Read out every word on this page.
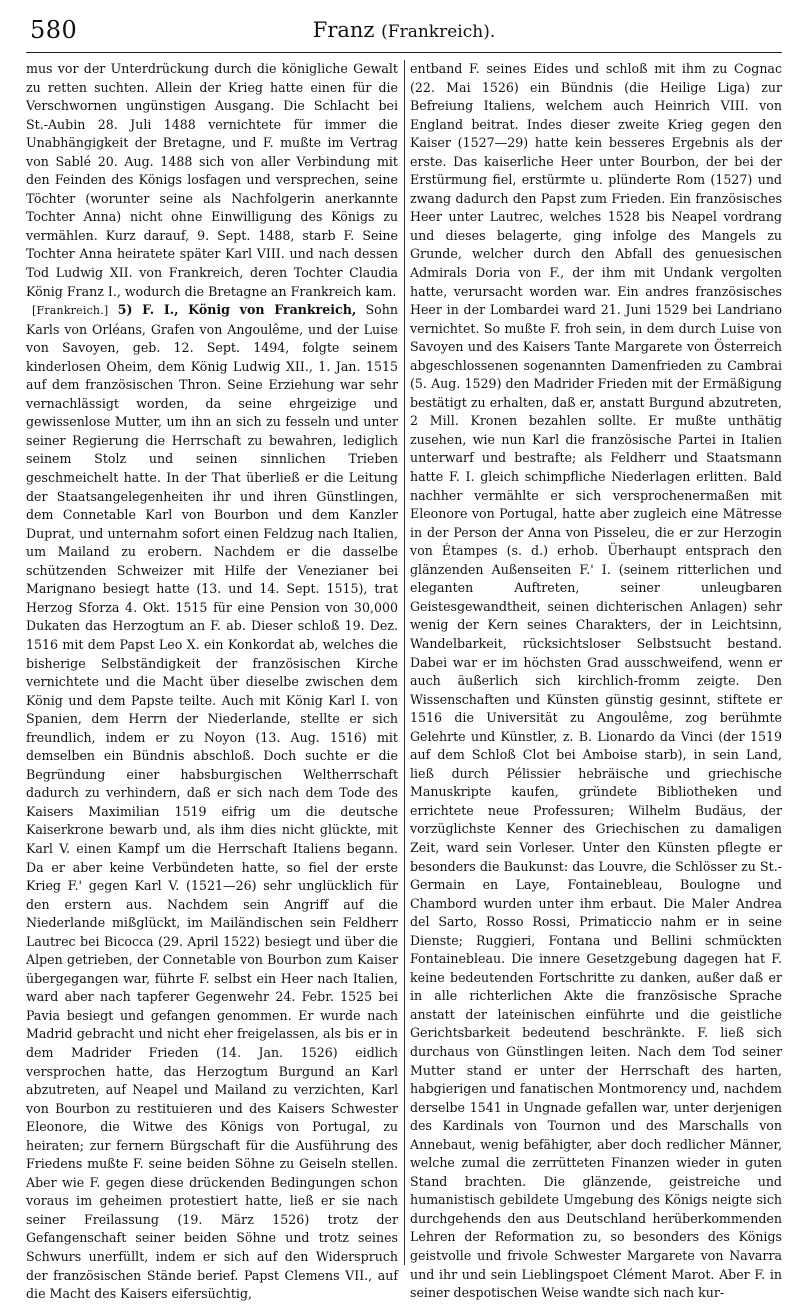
580	Franz (Frankreich).

mus vor der Unterdrückung durch die königliche Gewalt zu retten suchten. Allein der Krieg hatte einen für die Verschwornen ungünstigen Ausgang. Die Schlacht bei St.-Aubin 28. Juli 1488 vernichtete für immer die Unabhängigkeit der Bretagne, und F. mußte im Vertrag von Sablé 20. Aug. 1488 sich von aller Verbindung mit den Feinden des Königs losfagen und versprechen, seine Töchter (worunter seine als Nachfolgerin anerkannte Tochter Anna) nicht ohne Einwilligung des Königs zu vermählen. Kurz darauf, 9. Sept. 1488, starb F. Seine Tochter Anna heiratete später Karl VIII. und nach dessen Tod Ludwig XII. von Frankreich, deren Tochter Claudia König Franz I., wodurch die Bretagne an Frankreich kam.

[Frankreich.] 5) F. I., König von Frankreich, Sohn Karls von Orléans, Grafen von Angoulême, und der Luise von Savoyen, geb. 12. Sept. 1494, folgte seinem kinderlosen Oheim, dem König Ludwig XII., 1. Jan. 1515 auf dem französischen Thron. Seine Erziehung war sehr vernachlässigt worden, da seine ehrgeizige und gewissenlose Mutter, um ihn an sich zu fesseln und unter seiner Regierung die Herrschaft zu bewahren, lediglich seinem Stolz und seinen sinnlichen Trieben geschmeichelt hatte. In der That überließ er die Leitung der Staatsangelegenheiten ihr und ihren Günstlingen, dem Connetable Karl von Bourbon und dem Kanzler Duprat, und unternahm sofort einen Feldzug nach Italien, um Mailand zu erobern. Nachdem er die dasselbe schützenden Schweizer mit Hilfe der Venezianer bei Marignano besiegt hatte (13. und 14. Sept. 1515), trat Herzog Sforza 4. Okt. 1515 für eine Pension von 30,000 Dukaten das Herzogtum an F. ab. Dieser schloß 19. Dez. 1516 mit dem Papst Leo X. ein Konkordat ab, welches die bisherige Selbständigkeit der französischen Kirche vernichtete und die Macht über dieselbe zwischen dem König und dem Papste teilte. Auch mit König Karl I. von Spanien, dem Herrn der Niederlande, stellte er sich freundlich, indem er zu Noyon (13. Aug. 1516) mit demselben ein Bündnis abschloß. Doch suchte er die Begründung einer habsburgischen Weltherrschaft dadurch zu verhindern, daß er sich nach dem Tode des Kaisers Maximilian 1519 eifrig um die deutsche Kaiserkrone bewarb und, als ihm dies nicht glückte, mit Karl V. einen Kampf um die Herrschaft Italiens begann. Da er aber keine Verbündeten hatte, so fiel der erste Krieg F.' gegen Karl V. (1521—26) sehr unglücklich für den erstern aus. Nachdem sein Angriff auf die Niederlande mißglückt, im Mailändischen sein Feldherr Lautrec bei Bicocca (29. April 1522) besiegt und über die Alpen getrieben, der Connetable von Bourbon zum Kaiser übergegangen war, führte F. selbst ein Heer nach Italien, ward aber nach tapferer Gegenwehr 24. Febr. 1525 bei Pavia besiegt und gefangen genommen. Er wurde nach Madrid gebracht und nicht eher freigelassen, als bis er in dem Madrider Frieden (14. Jan. 1526) eidlich versprochen hatte, das Herzogtum Burgund an Karl abzutreten, auf Neapel und Mailand zu verzichten, Karl von Bourbon zu restituieren und des Kaisers Schwester Eleonore, die Witwe des Königs von Portugal, zu heiraten; zur fernern Bürgschaft für die Ausführung des Friedens mußte F. seine beiden Söhne zu Geiseln stellen. Aber wie F. gegen diese drückenden Bedingungen schon voraus im geheimen protestiert hatte, ließ er sie nach seiner Freilassung (19. März 1526) trotz der Gefangenschaft seiner beiden Söhne und trotz seines Schwurs unerfüllt, indem er sich auf den Widerspruch der französischen Stände berief. Papst Clemens VII., auf die Macht des Kaisers eifersüchtig,

entband F. seines Eides und schloß mit ihm zu Cognac (22. Mai 1526) ein Bündnis (die Heilige Liga) zur Befreiung Italiens, welchem auch Heinrich VIII. von England beitrat. Indes dieser zweite Krieg gegen den Kaiser (1527—29) hatte kein besseres Ergebnis als der erste. Das kaiserliche Heer unter Bourbon, der bei der Erstürmung fiel, erstürmte u. plünderte Rom (1527) und zwang dadurch den Papst zum Frieden. Ein französisches Heer unter Lautrec, welches 1528 bis Neapel vordrang und dieses belagerte, ging infolge des Mangels zu Grunde, welcher durch den Abfall des genuesischen Admirals Doria von F., der ihm mit Undank vergolten hatte, verursacht worden war. Ein andres französisches Heer in der Lombardei ward 21. Juni 1529 bei Landriano vernichtet. So mußte F. froh sein, in dem durch Luise von Savoyen und des Kaisers Tante Margarete von Österreich abgeschlossenen sogenannten Damenfrieden zu Cambrai (5. Aug. 1529) den Madrider Frieden mit der Ermäßigung bestätigt zu erhalten, daß er, anstatt Burgund abzutreten, 2 Mill. Kronen bezahlen sollte. Er mußte unthätig zusehen, wie nun Karl die französische Partei in Italien unterwarf und bestrafte; als Feldherr und Staatsmann hatte F. I. gleich schimpfliche Niederlagen erlitten. Bald nachher vermählte er sich versprochenermaßen mit Eleonore von Portugal, hatte aber zugleich eine Mätresse in der Person der Anna von Pisseleu, die er zur Herzogin von Étampes (s. d.) erhob. Überhaupt entsprach den glänzenden Außenseiten F.' I. (seinem ritterlichen und eleganten Auftreten, seiner unleugbaren Geistesgewandtheit, seinen dichterischen Anlagen) sehr wenig der Kern seines Charakters, der in Leichtsinn, Wandelbarkeit, rücksichtsloser Selbstsucht bestand. Dabei war er im höchsten Grad ausschweifend, wenn er auch äußerlich sich kirchlich-fromm zeigte. Den Wissenschaften und Künsten günstig gesinnt, stiftete er 1516 die Universität zu Angoulême, zog berühmte Gelehrte und Künstler, z. B. Lionardo da Vinci (der 1519 auf dem Schloß Clot bei Amboise starb), in sein Land, ließ durch Pélissier hebräische und griechische Manuskripte kaufen, gründete Bibliotheken und errichtete neue Professuren; Wilhelm Budäus, der vorzüglichste Kenner des Griechischen zu damaligen Zeit, ward sein Vorleser. Unter den Künsten pflegte er besonders die Baukunst: das Louvre, die Schlösser zu St.-Germain en Laye, Fontainebleau, Boulogne und Chambord wurden unter ihm erbaut. Die Maler Andrea del Sarto, Rosso Rossi, Primaticcio nahm er in seine Dienste; Ruggieri, Fontana und Bellini schmückten Fontainebleau. Die innere Gesetzgebung dagegen hat F. keine bedeutenden Fortschritte zu danken, außer daß er in alle richterlichen Akte die französische Sprache anstatt der lateinischen einführte und die geistliche Gerichtsbarkeit bedeutend beschränkte. F. ließ sich durchaus von Günstlingen leiten. Nach dem Tod seiner Mutter stand er unter der Herrschaft des harten, habgierigen und fanatischen Montmorency und, nachdem derselbe 1541 in Ungnade gefallen war, unter derjenigen des Kardinals von Tournon und des Marschalls von Annebaut, wenig befähigter, aber doch redlicher Männer, welche zumal die zerrütteten Finanzen wieder in guten Stand brachten. Die glänzende, geistreiche und humanistisch gebildete Umgebung des Königs neigte sich durchgehends den aus Deutschland herüberkommenden Lehren der Reformation zu, so besonders des Königs geistvolle und frivole Schwester Margarete von Navarra und ihr und sein Lieblingspoet Clément Marot. Aber F. in seiner despotischen Weise wandte sich nach kur-
